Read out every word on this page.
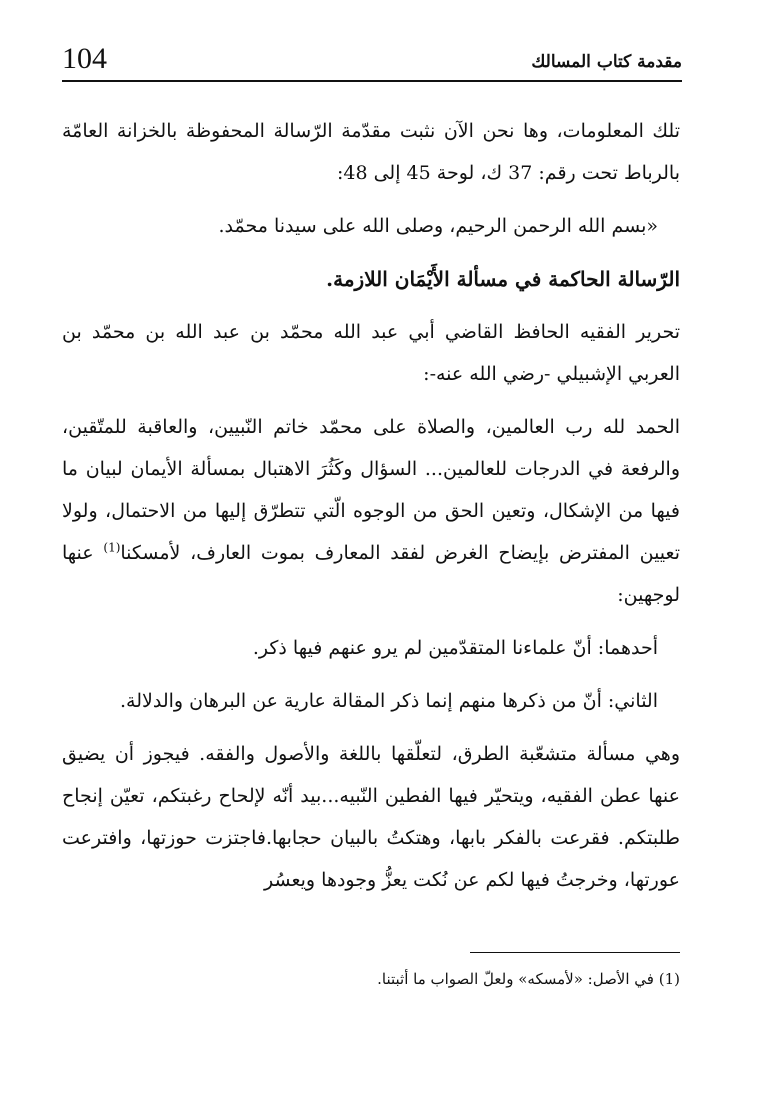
104	مقدمة كتاب المسالك

تلك المعلومات، وها نحن الآن نثبت مقدّمة الرّسالة المحفوظة بالخزانة العامّة بالرباط تحت رقم: 37 ك، لوحة 45 إلى 48:

«بسم الله الرحمن الرحيم، وصلى الله على سيدنا محمّد.

الرّسالة الحاكمة في مسألة الأَيْمَان اللازمة.

تحرير الفقيه الحافظ القاضي أبي عبد الله محمّد بن عبد الله بن محمّد بن العربي الإشبيلي -رضي الله عنه-:

الحمد لله رب العالمين، والصلاة على محمّد خاتم النّبيين، والعاقبة للمتّقين، والرفعة في الدرجات للعالمين... السؤال وكَثُرَ الاهتبال بمسألة الأيمان لبيان ما فيها من الإشكال، وتعين الحق من الوجوه الّتي تتطرّق إليها من الاحتمال، ولولا تعيين المفترض بإيضاح الغرض لفقد المعارف بموت العارف، لأمسكنا$^{(1)}$ عنها لوجهين:

أحدهما: أنّ علماءنا المتقدّمين لم يرو عنهم فيها ذكر.

الثاني: أنّ من ذكرها منهم إنما ذكر المقالة عارية عن البرهان والدلالة.

وهي مسألة متشعّبة الطرق، لتعلّقها باللغة والأصول والفقه. فيجوز أن يضيق عنها عطن الفقيه، ويتحيّر فيها الفطين النّبيه...بيد أنّه لإلحاح رغبتكم، تعيّن إنجاح طلبتكم. فقرعت بالفكر بابها، وهتكتُ بالبيان حجابها.فاجتزت حوزتها، وافترعت عورتها، وخرجتُ فيها لكم عن نُكت يعزُّ وجودها ويعسُر

(1) في الأصل: «لأمسكه» ولعلّ الصواب ما أثبتنا.
